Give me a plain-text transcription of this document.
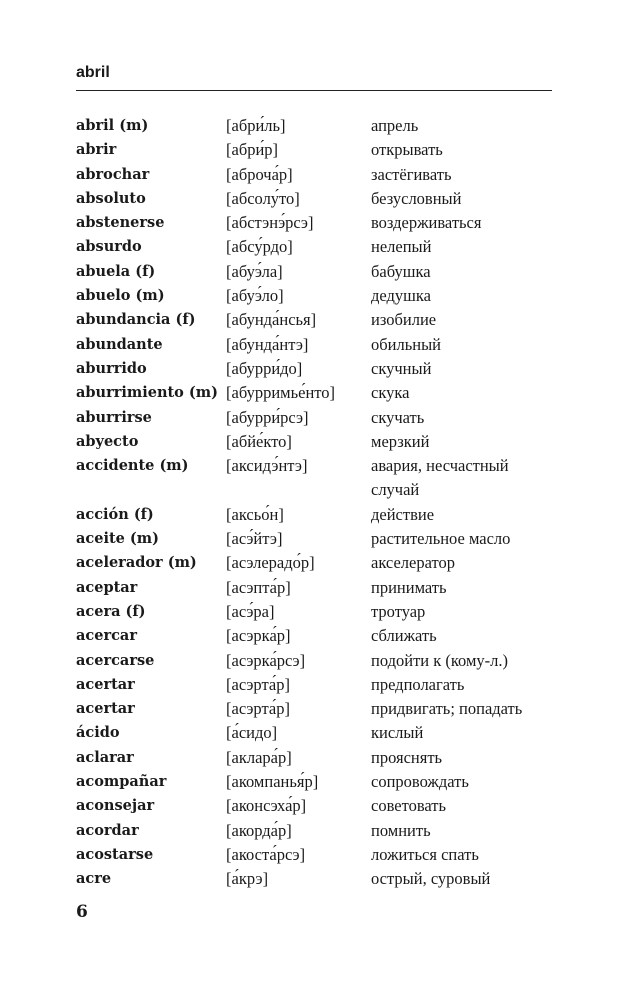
abril
abril (m)	[абри́ль]	апрель
abrir	[абри́р]	открывать
abrochar	[аброча́р]	застёгивать
absoluto	[абсолу́то]	безусловный
abstenerse	[абстэнэ́рсэ]	воздерживаться
absurdo	[абсу́рдо]	нелепый
abuela (f)	[абуэ́ла]	бабушка
abuelo (m)	[абуэ́ло]	дедушка
abundancia (f)	[абунда́нсья]	изобилие
abundante	[абунда́нтэ]	обильный
aburrido	[абурри́до]	скучный
aburrimiento (m) [абурримье́нто]	скука
aburrirse	[абурри́рсэ]	скучать
abyecto	[абйе́кто]	мерзкий
accidente (m)	[аксидэ́нтэ]	авария, несчастный случай
acción (f)	[аксьо́н]	действие
aceite (m)	[асэ́йтэ]	растительное масло
acelerador (m)	[асэлерадо́р]	акселератор
aceptar	[асэпта́р]	принимать
acera (f)	[асэ́ра]	тротуар
acercar	[асэрка́р]	сближать
acercarse	[асэрка́рсэ]	подойти к (кому-л.)
acertar	[асэрта́р]	предполагать
acertar	[асэрта́р]	придвигать; попадать
ácido	[а́сидо]	кислый
aclarar	[аклара́р]	прояснять
acompañar	[акомпанья́р]	сопровождать
aconsejar	[аконсэха́р]	советовать
acordar	[акорда́р]	помнить
acostarse	[акоста́рсэ]	ложиться спать
acre	[а́крэ]	острый, суровый
6
